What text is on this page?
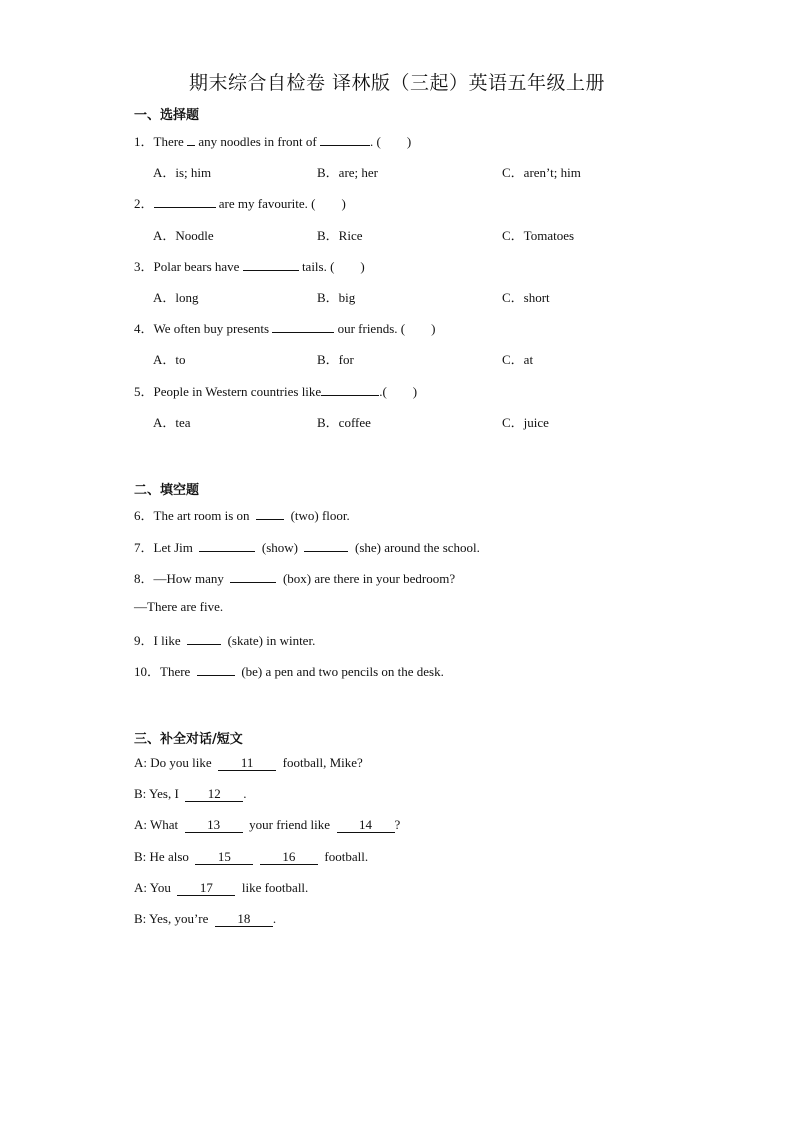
期末综合自检卷 译林版（三起）英语五年级上册
一、选择题
1．There  any noodles in front of	. (        )
A．is; him	B．are; her	C．aren’t; him
2．	are my favourite. (        )
A．Noodle	B．Rice	C．Tomatoes
3．Polar bears have	tails. (        )
A．long	B．big	C．short
4．We often buy presents	our friends. (        )
A．to	B．for	C．at
5．People in Western countries like	.(        )
A．tea	B．coffee	C．juice
二、填空题
6．The art room is on    (two) floor.
7．Let Jim	(show)	(she) around the school.
8．—How many	(box) are there in your bedroom?
—There are five.
9．I like	(skate) in winter.
10．There	(be) a pen and two pencils on the desk.
三、补全对话/短文
A: Do you like  11  football, Mike?
B: Yes, I  12 .
A: What  13  your friend like  14 ?
B: He also  15	16  football.
A: You  17  like football.
B: Yes, you’re  18 .
